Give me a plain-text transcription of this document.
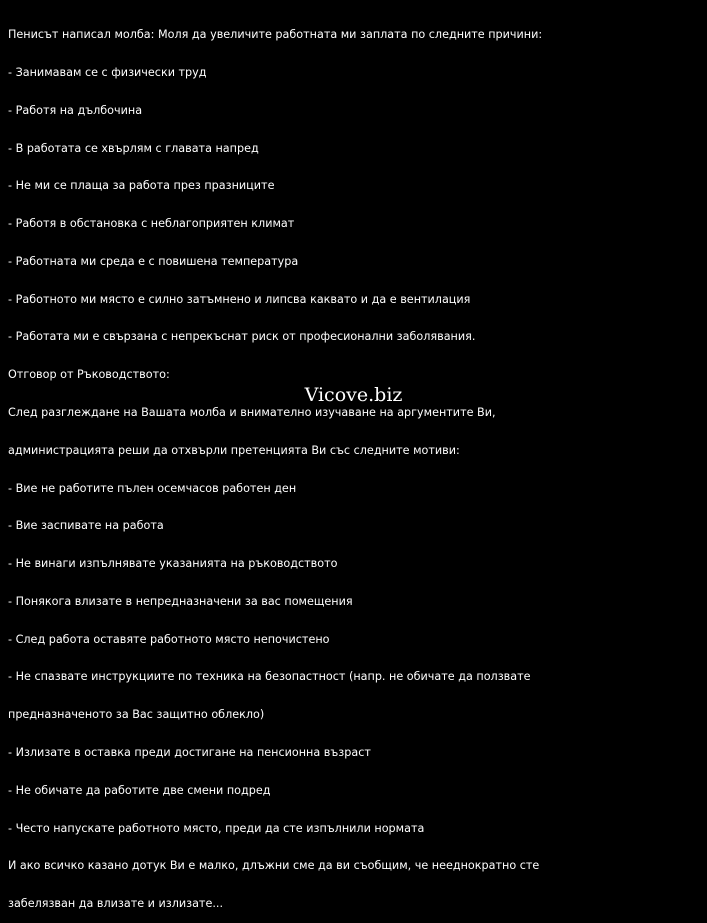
Пенисът написал молба: Моля да увеличите работната ми заплата по следните причини:

- Занимавам се с физически труд

- Работя на дълбочина

- В работата се хвърлям с главата напред

- Не ми се плаща за работа през празниците

- Работя в обстановка с неблагоприятен климат

- Работната ми среда е с повишена температура

- Работното ми място е силно затъмнено и липсва каквато и да е вентилация

- Работата ми е свързана с непрекъснат риск от професионални заболявания.

Отговор от Ръководството:

След разглеждане на Вашата молба и внимателно изучаване на аргументите Ви,

администрацията реши да отхвърли претенцията Ви със следните мотиви:

- Вие не работите пълен осемчасов работен ден

- Вие заспивате на работа

- Не винаги изпълнявате указанията на ръководството

- Понякога влизате в непредназначени за вас помещения

- След работа оставяте работното място непочистено

- Не спазвате инструкциите по техника на безопастност (напр. не обичате да ползвате

предназначеното за Вас защитно облекло)

- Излизате в оставка преди достигане на пенсионна възраст

- Не обичате да работите две смени подред

- Често напускате работното място, преди да сте изпълнили нормата

И ако всичко казано дотук Ви е малко, длъжни сме да ви съобщим, че нееднократно сте

забелязван да влизате и излизате...

Vicove.biz
